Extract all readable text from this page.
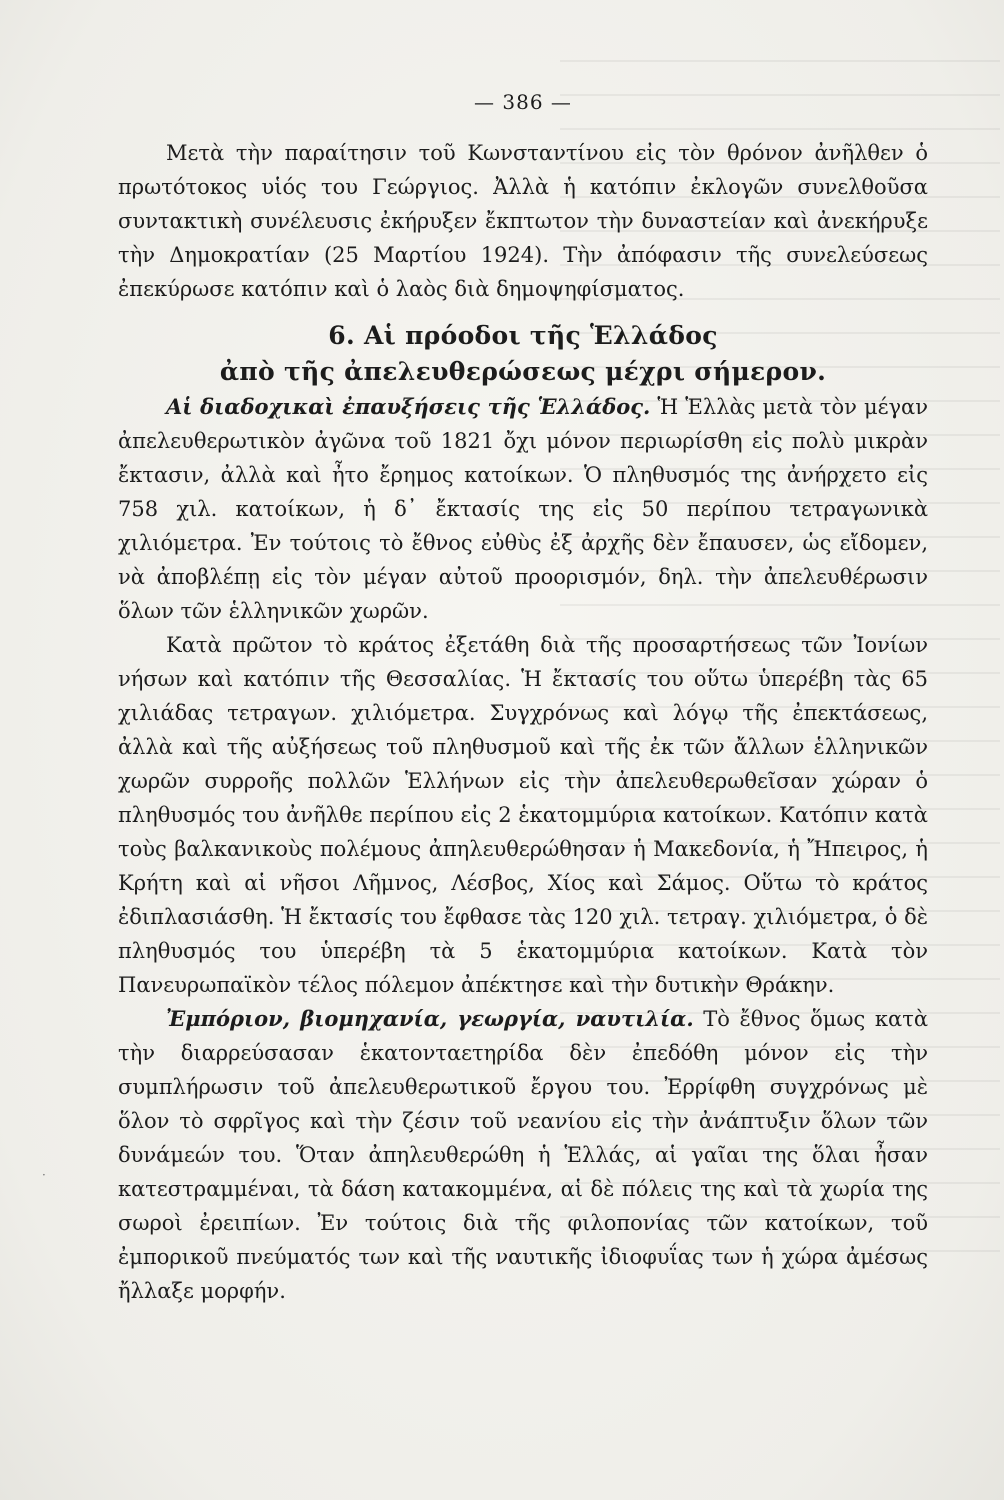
— 386 —

Μετὰ τὴν παραίτησιν τοῦ Κωνσταντίνου εἰς τὸν θρόνον ἀνῆλθεν ὁ πρωτότοκος υἱός του Γεώργιος. Ἀλλὰ ἡ κατόπιν ἐκλογῶν συνελθοῦσα συντακτικὴ συνέλευσις ἐκήρυξεν ἔκπτωτον τὴν δυναστείαν καὶ ἀνεκήρυξε τὴν Δημοκρατίαν (25 Μαρτίου 1924). Τὴν ἀπόφασιν τῆς συνελεύσεως ἐπεκύρωσε κατόπιν καὶ ὁ λαὸς διὰ δημοψηφίσματος.

6. Αἱ πρόοδοι τῆς Ἑλλάδος
ἀπὸ τῆς ἀπελευθερώσεως μέχρι σήμερον.

Αἱ διαδοχικαὶ ἐπαυξήσεις τῆς Ἑλλάδος. Ἡ Ἑλλὰς μετὰ τὸν μέγαν ἀπελευθερωτικὸν ἀγῶνα τοῦ 1821 ὄχι μόνον περιωρίσθη εἰς πολὺ μικρὰν ἔκτασιν, ἀλλὰ καὶ ἦτο ἔρημος κατοίκων. Ὁ πληθυσμός της ἀνήρχετο εἰς 758 χιλ. κατοίκων, ἡ δ᾽ ἔκτασίς της εἰς 50 περίπου τετραγωνικὰ χιλιόμετρα. Ἐν τούτοις τὸ ἔθνος εὐθὺς ἐξ ἀρχῆς δὲν ἔπαυσεν, ὡς εἴδομεν, νὰ ἀποβλέπῃ εἰς τὸν μέγαν αὐτοῦ προορισμόν, δηλ. τὴν ἀπελευθέρωσιν ὅλων τῶν ἑλληνικῶν χωρῶν.

Κατὰ πρῶτον τὸ κράτος ἐξετάθη διὰ τῆς προσαρτήσεως τῶν Ἰονίων νήσων καὶ κατόπιν τῆς Θεσσαλίας. Ἡ ἔκτασίς του οὕτω ὑπερέβη τὰς 65 χιλιάδας τετραγων. χιλιόμετρα. Συγχρόνως καὶ λόγῳ τῆς ἐπεκτάσεως, ἀλλὰ καὶ τῆς αὐξήσεως τοῦ πληθυσμοῦ καὶ τῆς ἐκ τῶν ἄλλων ἑλληνικῶν χωρῶν συρροῆς πολλῶν Ἑλλήνων εἰς τὴν ἀπελευθερωθεῖσαν χώραν ὁ πληθυσμός του ἀνῆλθε περίπου εἰς 2 ἑκατομμύρια κατοίκων. Κατόπιν κατὰ τοὺς βαλκανικοὺς πολέμους ἀπηλευθερώθησαν ἡ Μακεδονία, ἡ Ἤπειρος, ἡ Κρήτη καὶ αἱ νῆσοι Λῆμνος, Λέσβος, Χίος καὶ Σάμος. Οὕτω τὸ κράτος ἐδιπλασιάσθη. Ἡ ἔκτασίς του ἔφθασε τὰς 120 χιλ. τετραγ. χιλιόμετρα, ὁ δὲ πληθυσμός του ὑπερέβη τὰ 5 ἑκατομμύρια κατοίκων. Κατὰ τὸν Πανευρωπαϊκὸν τέλος πόλεμον ἀπέκτησε καὶ τὴν δυτικὴν Θράκην.

Ἐμπόριον, βιομηχανία, γεωργία, ναυτιλία. Τὸ ἔθνος ὅμως κατὰ τὴν διαρρεύσασαν ἑκατονταετηρίδα δὲν ἐπεδόθη μόνον εἰς τὴν συμπλήρωσιν τοῦ ἀπελευθερωτικοῦ ἔργου του. Ἐρρίφθη συγχρόνως μὲ ὅλον τὸ σφρῖγος καὶ τὴν ζέσιν τοῦ νεανίου εἰς τὴν ἀνάπτυξιν ὅλων τῶν δυνάμεών του. Ὅταν ἀπηλευθερώθη ἡ Ἑλλάς, αἱ γαῖαι της ὅλαι ἦσαν κατεστραμμέναι, τὰ δάση κατακομμένα, αἱ δὲ πόλεις της καὶ τὰ χωρία της σωροὶ ἐρειπίων. Ἐν τούτοις διὰ τῆς φιλοπονίας τῶν κατοίκων, τοῦ ἐμπορικοῦ πνεύματός των καὶ τῆς ναυτικῆς ἰδιοφυΐας των ἡ χώρα ἀμέσως ἤλλαξε μορφήν.

·
